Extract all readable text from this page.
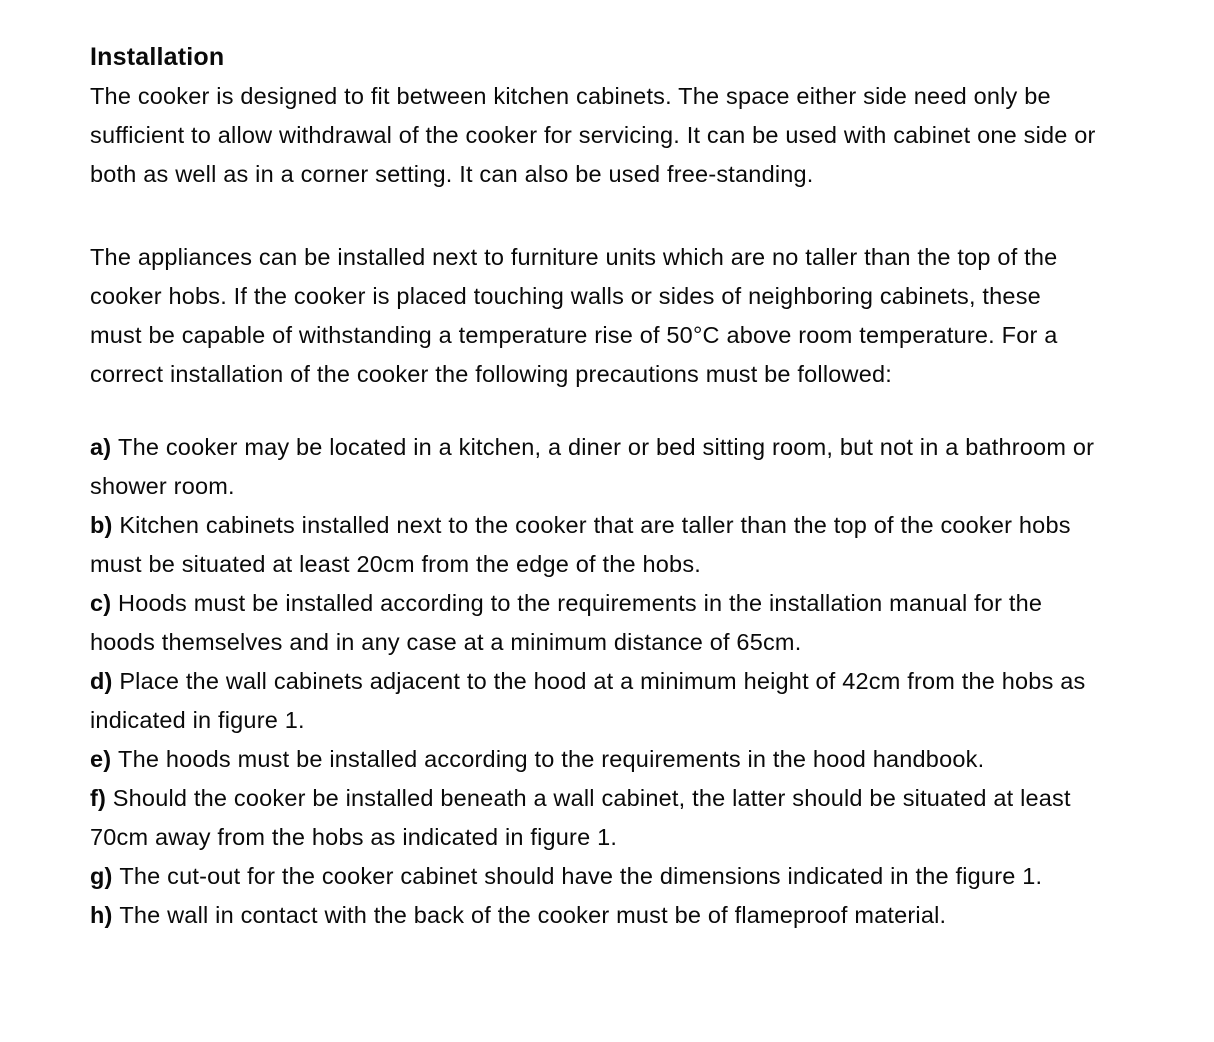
Installation
The cooker is designed to fit between kitchen cabinets. The space either side need only be
sufficient to allow withdrawal of the cooker for servicing. It can be used with cabinet one side or
both as well as in a corner setting. It can also be used free-standing.
The appliances can be installed next to furniture units which are no taller than the top of the
cooker hobs. If the cooker is placed touching walls or sides of neighboring cabinets, these
must be capable of withstanding a temperature rise of 50°C above room temperature. For a
correct installation of the cooker the following precautions must be followed:
a) The cooker may be located in a kitchen, a diner or bed sitting room, but not in a bathroom or
shower room.
b) Kitchen cabinets installed next to the cooker that are taller than the top of the cooker hobs
must be situated at least 20cm from the edge of the hobs.
c) Hoods must be installed according to the requirements in the installation manual for the
hoods themselves and in any case at a minimum distance of 65cm.
d) Place the wall cabinets adjacent to the hood at a minimum height of 42cm from the hobs as
indicated in figure 1.
e) The hoods must be installed according to the requirements in the hood handbook.
f) Should the cooker be installed beneath a wall cabinet, the latter should be situated at least
70cm away from the hobs as indicated in figure 1.
g) The cut-out for the cooker cabinet should have the dimensions indicated in the figure 1.
h) The wall in contact with the back of the cooker must be of flameproof material.
